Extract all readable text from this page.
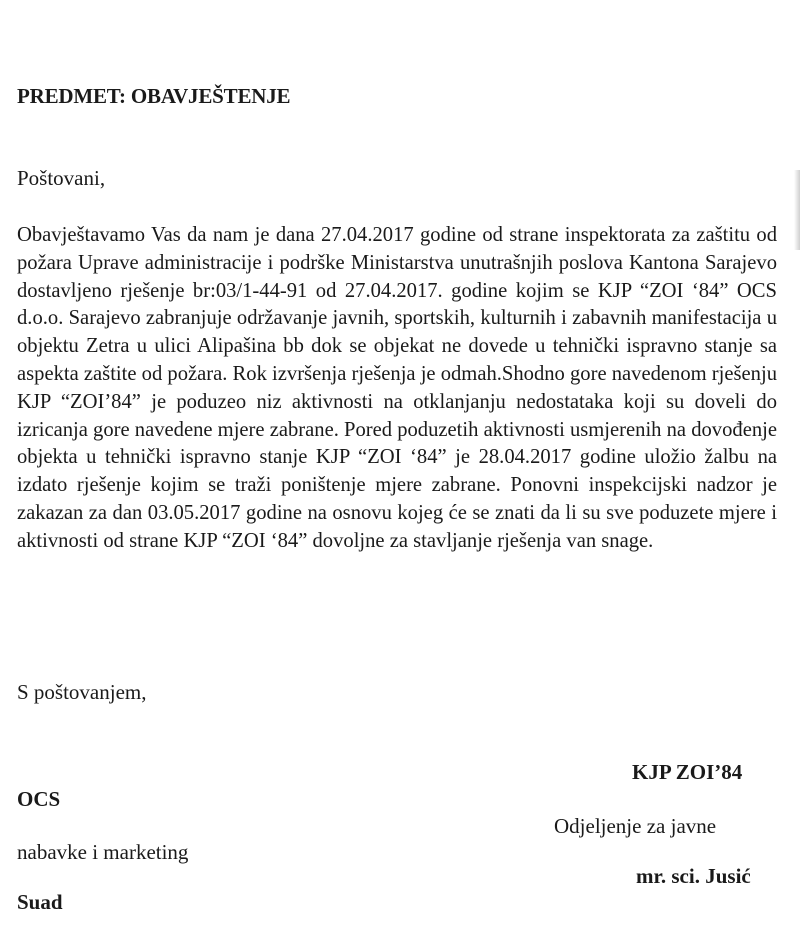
PREDMET: OBAVJEŠTENJE
Poštovani,

Obavještavamo Vas da nam je dana 27.04.2017 godine od strane inspektorata za zaštitu od požara Uprave administracije i podrške Ministarstva unutrašnjih poslova Kantona Sarajevo dostavljeno rješenje br:03/1-44-91 od 27.04.2017. godine kojim se KJP “ZOI ‘84” OCS d.o.o. Sarajevo zabranjuje održavanje javnih, sportskih, kulturnih i zabavnih manifestacija u objektu Zetra u ulici Alipašina bb dok se objekat ne dovede u tehnički ispravno stanje sa aspekta zaštite od požara. Rok izvršenja rješenja je odmah.Shodno gore navedenom rješenju KJP “ZOI’84” je poduzeo niz aktivnosti na otklanjanju nedostataka koji su doveli do izricanja gore navedene mjere zabrane. Pored poduzetih aktivnosti usmjerenih na dovođenje objekta u tehnički ispravno stanje KJP “ZOI ‘84” je 28.04.2017 godine uložio žalbu na izdato rješenje kojim se traži poništenje mjere zabrane. Ponovni inspekcijski nadzor je zakazan za dan 03.05.2017 godine na osnovu kojeg će se znati da li su sve poduzete mjere i aktivnosti od strane KJP “ZOI ‘84” dovoljne za stavljanje rješenja van snage.

S poštovanjem,
KJP ZOI’84
OCS
Odjeljenje za javne
nabavke i marketing
mr. sci. Jusić
Suad
